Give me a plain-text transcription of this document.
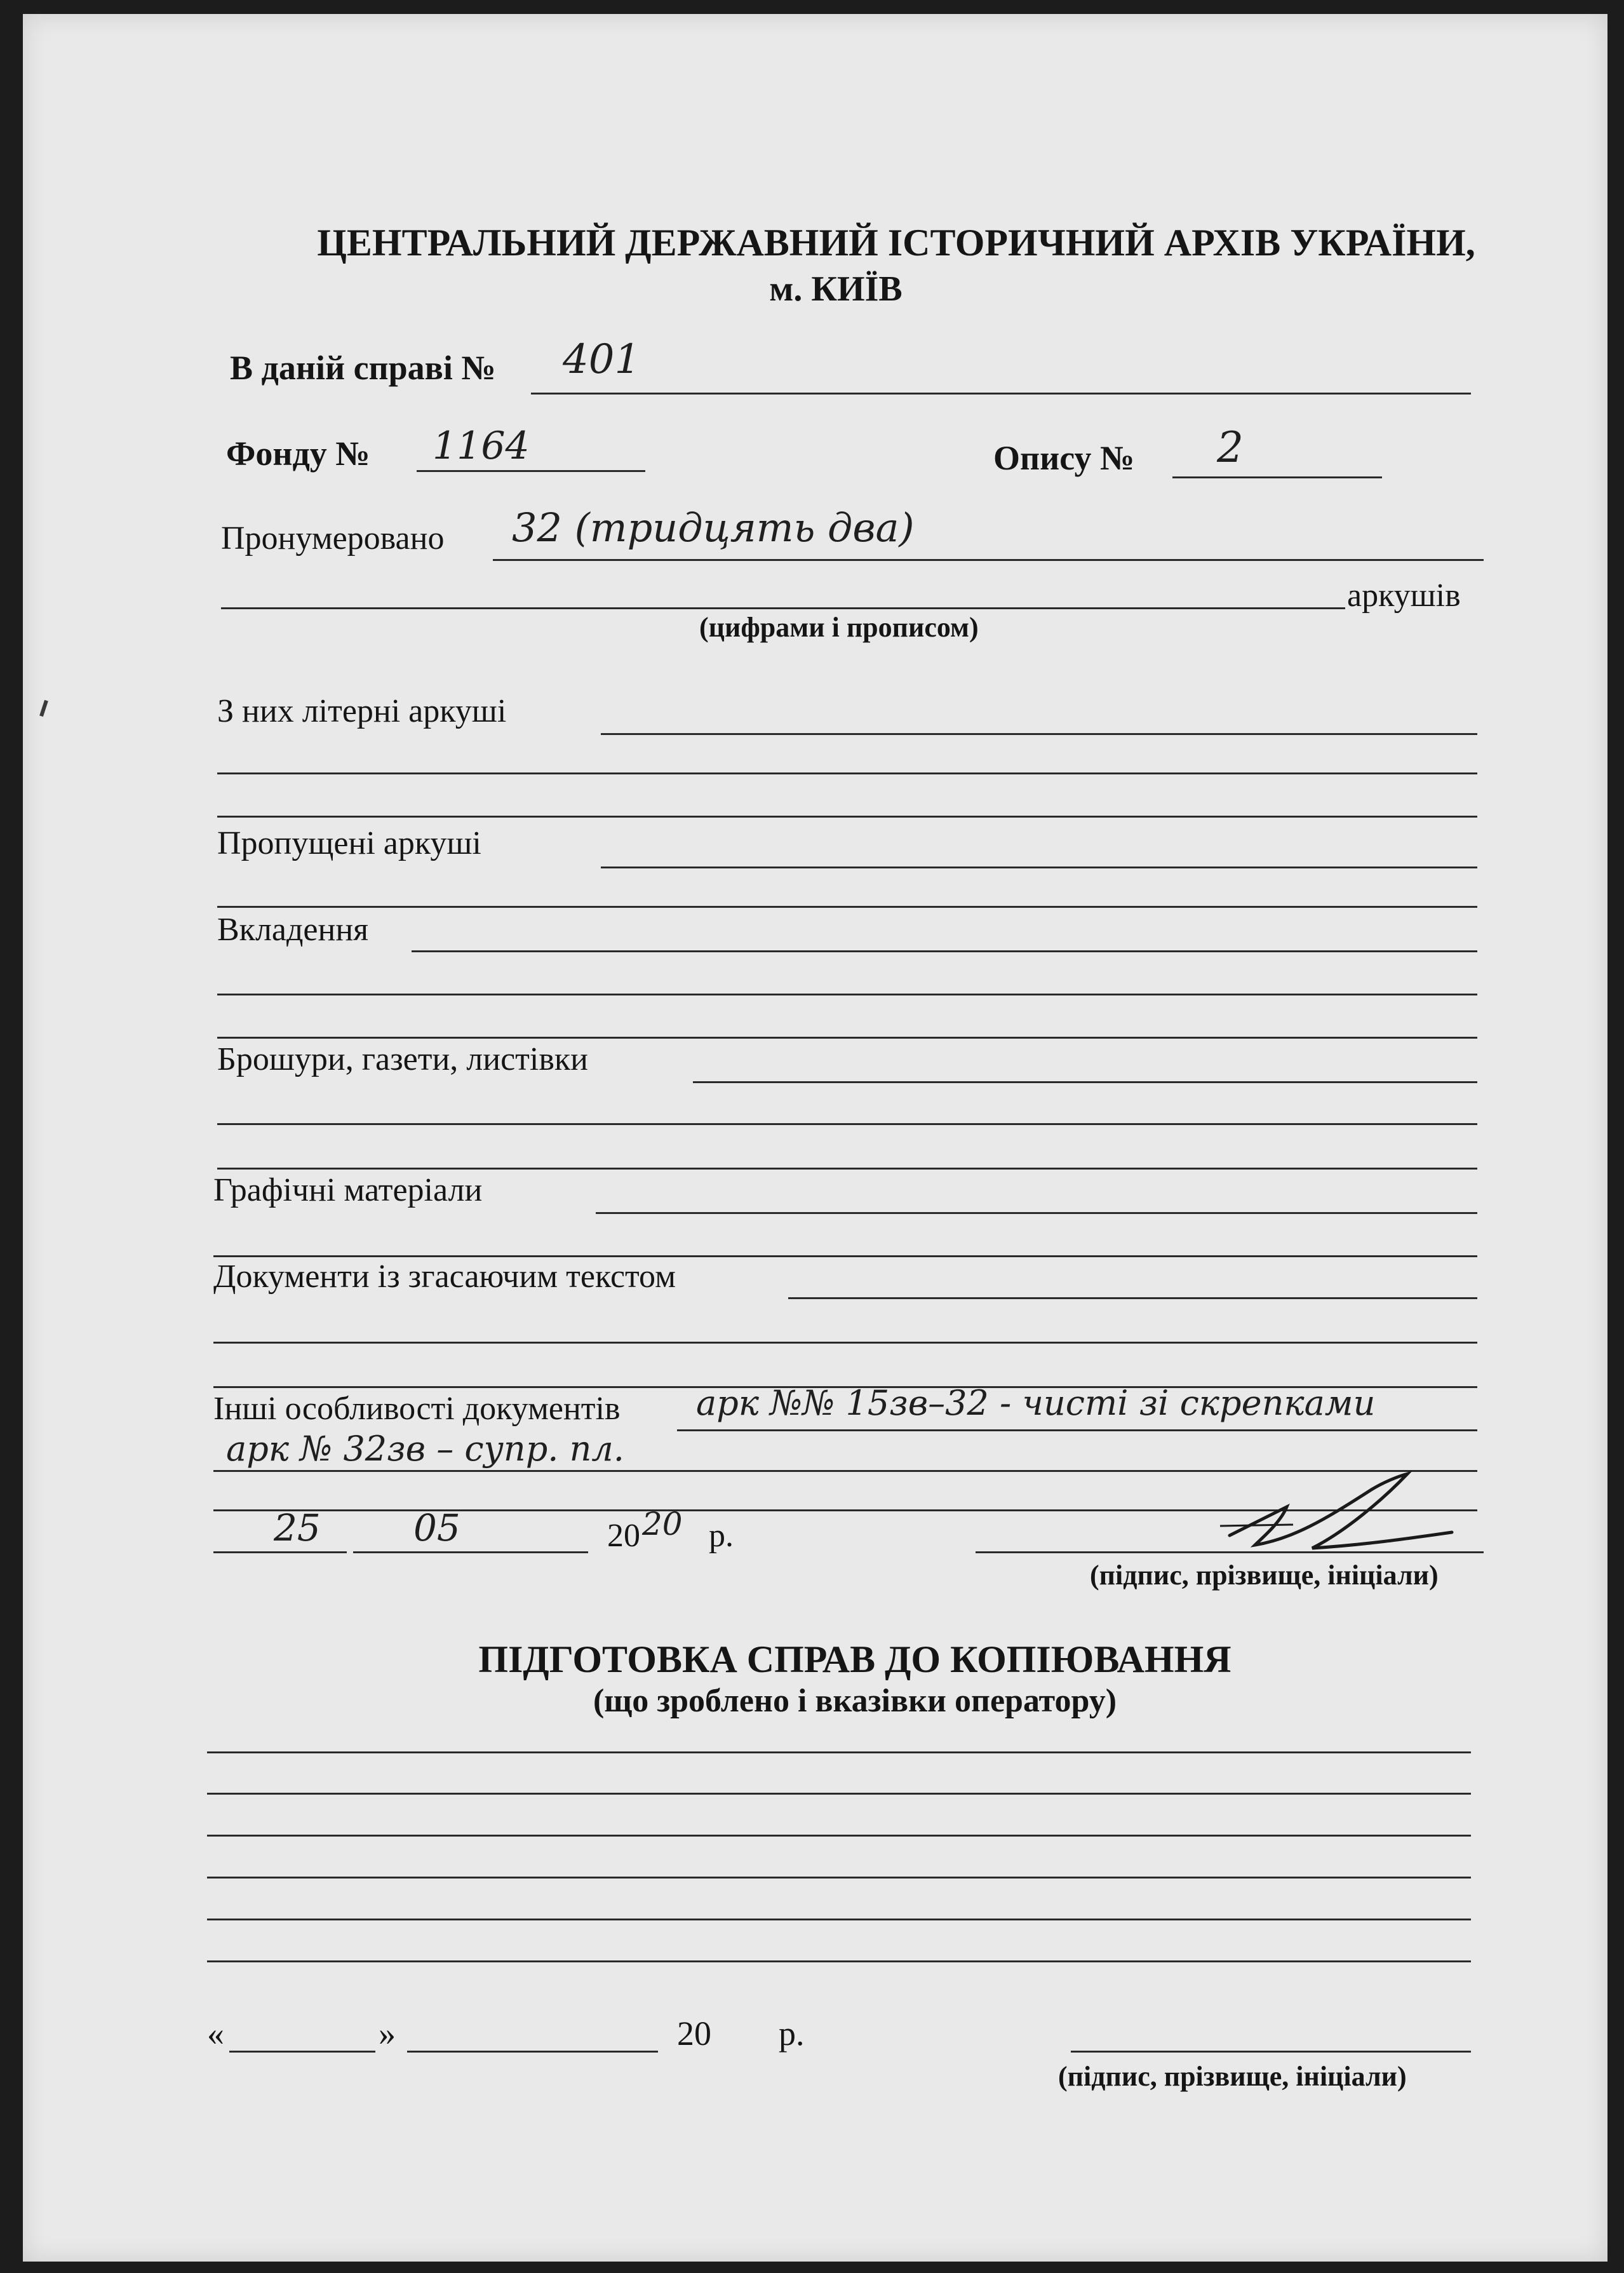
ЦЕНТРАЛЬНИЙ ДЕРЖАВНИЙ ІСТОРИЧНИЙ АРХІВ УКРАЇНИ,
м. КИЇВ
В даній справі № 401
Фонду № 1164	Опису № 2
Пронумеровано 32 (тридцять два)
аркушів
(цифрами і прописом)
З них літерні аркуші
Пропущені аркуші
Вкладення
Брошури, газети, листівки
Графічні матеріали
Документи із згасаючим текстом
Інші особливості документів арк №№ 15зв–32 - чисті зі скрепками
арк № 32зв – супр. пл.
25	05	20 20 р.
(підпис, прізвище, ініціали)
ПІДГОТОВКА СПРАВ ДО КОПІЮВАННЯ
(що зроблено і вказівки оператору)
«	»	20 р.
(підпис, прізвище, ініціали)
